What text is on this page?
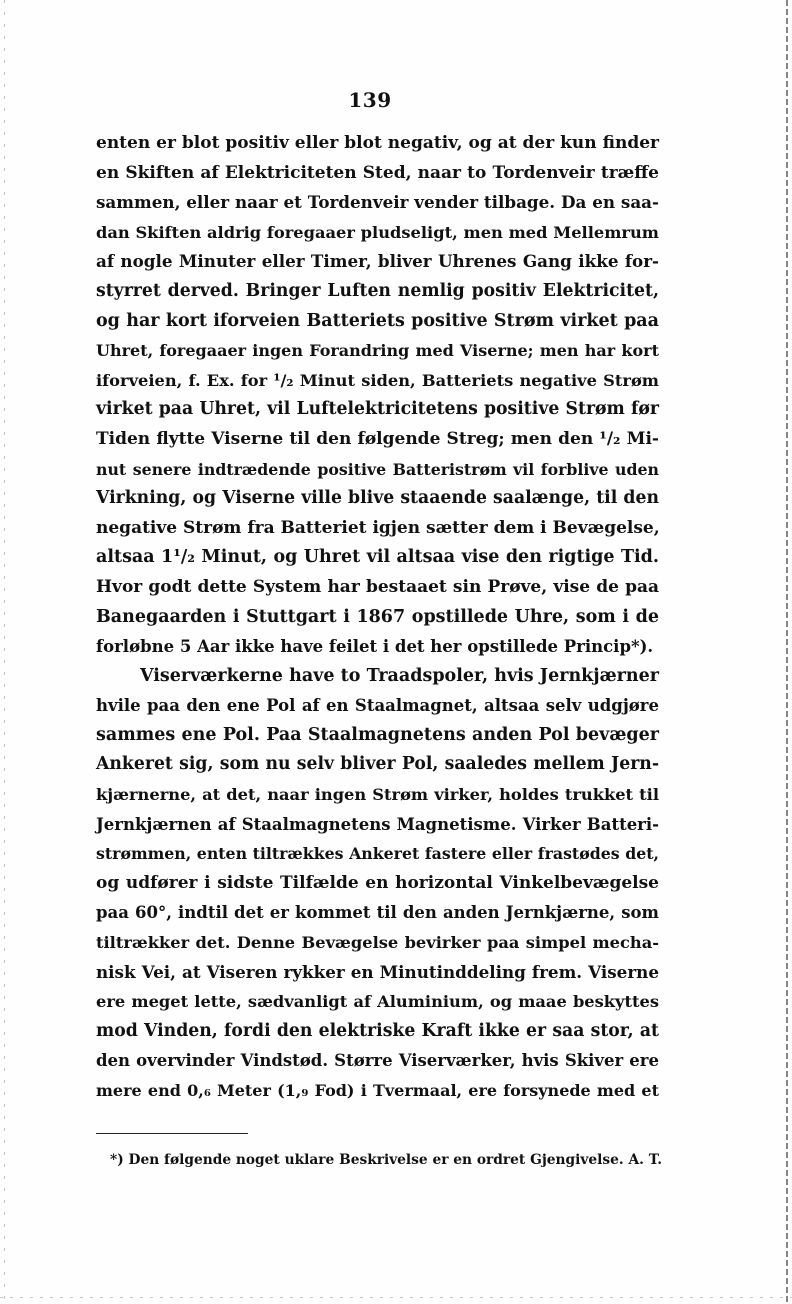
139
enten er blot positiv eller blot negativ, og at der kun finder
en Skiften af Elektriciteten Sted, naar to Tordenveir træffe
sammen, eller naar et Tordenveir vender tilbage. Da en saa-
dan Skiften aldrig foregaaer pludseligt, men med Mellemrum
af nogle Minuter eller Timer, bliver Uhrenes Gang ikke for-
styrret derved. Bringer Luften nemlig positiv Elektricitet,
og har kort iforveien Batteriets positive Strøm virket paa
Uhret, foregaaer ingen Forandring med Viserne; men har kort
iforveien, f. Ex. for ¹/₂ Minut siden, Batteriets negative Strøm
virket paa Uhret, vil Luftelektricitetens positive Strøm før
Tiden flytte Viserne til den følgende Streg; men den ¹/₂ Mi-
nut senere indtrædende positive Batteristrøm vil forblive uden
Virkning, og Viserne ville blive staaende saalænge, til den
negative Strøm fra Batteriet igjen sætter dem i Bevægelse,
altsaa 1¹/₂ Minut, og Uhret vil altsaa vise den rigtige Tid.
Hvor godt dette System har bestaaet sin Prøve, vise de paa
Banegaarden i Stuttgart i 1867 opstillede Uhre, som i de
forløbne 5 Aar ikke have feilet i det her opstillede Princip*).
Viserværkerne have to Traadspoler, hvis Jernkjærner
hvile paa den ene Pol af en Staalmagnet, altsaa selv udgjøre
sammes ene Pol. Paa Staalmagnetens anden Pol bevæger
Ankeret sig, som nu selv bliver Pol, saaledes mellem Jern-
kjærnerne, at det, naar ingen Strøm virker, holdes trukket til
Jernkjærnen af Staalmagnetens Magnetisme. Virker Batteri-
strømmen, enten tiltrækkes Ankeret fastere eller frastødes det,
og udfører i sidste Tilfælde en horizontal Vinkelbevægelse
paa 60°, indtil det er kommet til den anden Jernkjærne, som
tiltrækker det. Denne Bevægelse bevirker paa simpel mecha-
nisk Vei, at Viseren rykker en Minutinddeling frem. Viserne
ere meget lette, sædvanligt af Aluminium, og maae beskyttes
mod Vinden, fordi den elektriske Kraft ikke er saa stor, at
den overvinder Vindstød. Større Viserværker, hvis Skiver ere
mere end 0,₆ Meter (1,₉ Fod) i Tvermaal, ere forsynede med et
*) Den følgende noget uklare Beskrivelse er en ordret Gjengivelse. A. T.
